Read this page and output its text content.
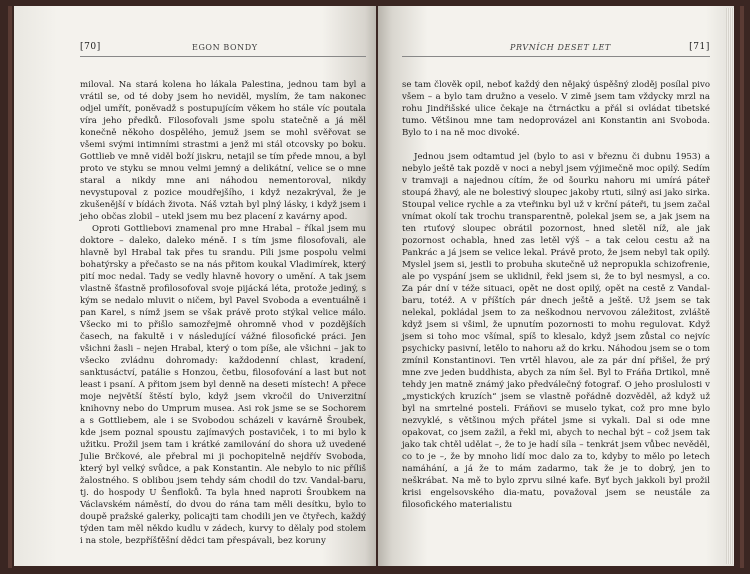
[70]	EGON BONDY

miloval. Na stará kolena ho lákala Palestina, jednou tam byl a vrátil se, od té doby jsem ho neviděl, myslím, že tam nakonec odjel umřít, poněvadž s postupujícím věkem ho stále víc poutala víra jeho předků. Filosofovali jsme spolu statečně a já měl konečně někoho dospělého, jemuž jsem se mohl svěřovat se všemi svými intimními strastmi a jenž mi stál otcovsky po boku. Gottlieb ve mně viděl boží jiskru, netajil se tím přede mnou, a byl proto ve styku se mnou velmi jemný a delikátní, velice se o mne staral a nikdy mne ani náhodou nementoroval, nikdy nevystupoval z pozice moudřejšího, i když nezakrýval, že je zkušenější v bídách života. Náš vztah byl plný lásky, i když jsem i jeho občas zlobil – utekl jsem mu bez placení z kavárny apod.

Oproti Gottliebovi znamenal pro mne Hrabal – říkal jsem mu doktore – daleko, daleko méně. I s tím jsme filosofovali, ale hlavně byl Hrabal tak přes tu srandu. Pili jsme pospolu velmi bohatýrsky a přečasto se na nás přitom koukal Vladimírek, který pití moc nedal. Tady se vedly hlavně hovory o umění. A tak jsem vlastně šťastně profilosofoval svoje pijácká léta, protože jediný, s kým se nedalo mluvit o ničem, byl Pavel Svoboda a eventuálně i pan Karel, s nímž jsem se však právě proto stýkal velice málo. Všecko mi to přišlo samozřejmě ohromně vhod v pozdějších časech, na fakultě i v následující vážné filosofické práci. Jen všichni žasli – nejen Hrabal, který o tom píše, ale všichni – jak to všecko zvládnu dohromady: každodenní chlast, kradení, sanktusáctví, patálie s Honzou, četbu, filosofování a last but not least i psaní. A přitom jsem byl denně na deseti místech! A přece moje největší štěstí bylo, když jsem vkročil do Univerzitní knihovny nebo do Umprum musea. Asi rok jsme se se Sochorem a s Gottliebem, ale i se Svobodou scházeli v kavárně Šroubek, kde jsem poznal spoustu zajímavých postaviček, i to mi bylo k užitku. Prožil jsem tam i krátké zamilování do shora už uvedené Julie Brčkové, ale přebral mi ji pochopitelně nejdřív Svoboda, který byl velký svůdce, a pak Konstantin. Ale nebylo to nic příliš žalostného. S oblibou jsem tehdy sám chodil do tzv. Vandal-baru, tj. do hospody U Šenfloků. Ta byla hned naproti Šroubkem na Václavském náměstí, do dvou do rána tam měli desítku, bylo to doupě pražské galerky, policajti tam chodili jen ve čtyřech, každý týden tam měl někdo kudlu v zádech, kurvy to dělaly pod stolem i na stole, bezpříšťěšní dědci tam přespávali, bez koruny

PRVNÍCH DESET LET	[71]

se tam člověk opil, neboť každý den nějaký úspěšný zloděj posílal pivo všem – a bylo tam družno a veselo. V zimě jsem tam vždycky mrzl na rohu Jindřišské ulice čekaje na čtrnáctku a přál si ovládat tibetské tumo. Většinou mne tam nedoprovázel ani Konstantin ani Svoboda. Bylo to i na ně moc divoké.

Jednou jsem odtamtud jel (bylo to asi v březnu či dubnu 1953) a nebylo ještě tak pozdě v noci a nebyl jsem výjimečně moc opilý. Sedím v tramvaji a najednou cítím, že od šourku nahoru mi umírá páteř stoupá žhavý, ale ne bolestivý sloupec jakoby rtuti, silný asi jako sirka. Stoupal velice rychle a za vteřinku byl už v krční páteři, tu jsem začal vnímat okolí tak trochu transparentně, polekal jsem se, a jak jsem na ten rtuťový sloupec obrátil pozornost, hned sletěl níž, ale jak pozornost ochabla, hned zas letěl výš – a tak celou cestu až na Pankrác a já jsem se velice lekal. Právě proto, že jsem nebyl tak opilý. Myslel jsem si, jestli to probuha skutečně už nepropukla schizofrenie, ale po vyspání jsem se uklidnil, řekl jsem si, že to byl nesmysl, a co. Za pár dní v téže situaci, opět ne dost opilý, opět na cestě z Vandal-baru, totéž. A v příštích pár dnech ještě a ještě. Už jsem se tak nelekal, pokládal jsem to za neškodnou nervovou záležitost, zvláště když jsem si všiml, že upnutím pozornosti to mohu regulovat. Když jsem si toho moc všímal, spíš to klesalo, když jsem zůstal co nejvíc psychicky pasivní, letělo to nahoru až do krku. Náhodou jsem se o tom zmínil Konstantinovi. Ten vrtěl hlavou, ale za pár dní přišel, že prý mne zve jeden buddhista, abych za ním šel. Byl to Fráňa Drtikol, mně tehdy jen matně známý jako předválečný fotograf. O jeho proslulosti v „mystických kruzích“ jsem se vlastně pořádně dozvěděl, až když už byl na smrtelné posteli. Fráňovi se muselo tykat, což pro mne bylo nezvyklé, s většinou mých přátel jsme si vykali. Dal si ode mne opakovat, co jsem zažil, a řekl mi, abych to nechal být – což jsem tak jako tak chtěl udělat –, že to je hadí síla – tenkrát jsem vůbec nevěděl, co to je –, že by mnoho lidí moc dalo za to, kdyby to mělo po letech namáhání, a já že to mám zadarmo, tak že je to dobrý, jen to neškrábat. Na mě to bylo zprvu silné kafe. Byť bych jakkoli byl prožil krisi engelsovského dia-matu, považoval jsem se neustále za filosofického materialistu
